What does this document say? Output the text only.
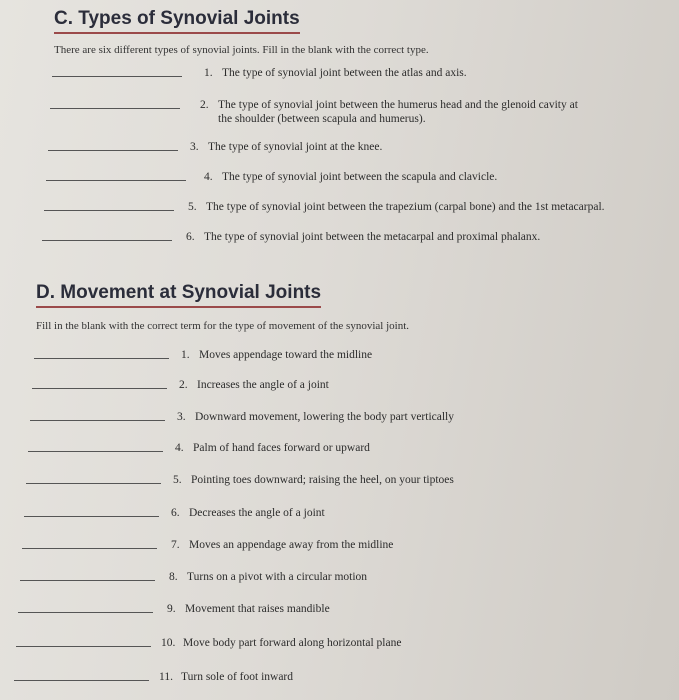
C. Types of Synovial Joints
There are six different types of synovial joints. Fill in the blank with the correct type.
1. The type of synovial joint between the atlas and axis.
2. The type of synovial joint between the humerus head and the glenoid cavity at
the shoulder (between scapula and humerus).
3. The type of synovial joint at the knee.
4. The type of synovial joint between the scapula and clavicle.
5. The type of synovial joint between the trapezium (carpal bone) and the 1st metacarpal.
6. The type of synovial joint between the metacarpal and proximal phalanx.
D. Movement at Synovial Joints
Fill in the blank with the correct term for the type of movement of the synovial joint.
1. Moves appendage toward the midline
2. Increases the angle of a joint
3. Downward movement, lowering the body part vertically
4. Palm of hand faces forward or upward
5. Pointing toes downward; raising the heel, on your tiptoes
6. Decreases the angle of a joint
7. Moves an appendage away from the midline
8. Turns on a pivot with a circular motion
9. Movement that raises mandible
10. Move body part forward along horizontal plane
11. Turn sole of foot inward
